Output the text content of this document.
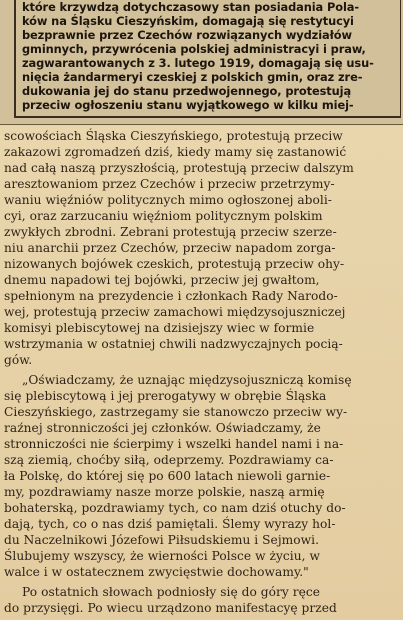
które krzywdzą dotychczasowy stan posiadania Pola-
ków na Śląsku Cieszyńskim, domagają się restytucyi
bezprawnie przez Czechów rozwiązanych wydziałów
gminnych, przywrócenia polskiej administracyi i praw,
zagwarantowanych z 3. lutego 1919, domagają się usu-
nięcia żandarmeryi czeskiej z polskich gmin, oraz zre-
dukowania jej do stanu przedwojennego, protestują
przeciw ogłoszeniu stanu wyjątkowego w kilku miej-
scowościach Śląska Cieszyńskiego, protestują przeciw
zakazowi zgromadzeń dziś, kiedy mamy się zastanowić
nad całą naszą przyszłością, protestują przeciw dalszym
aresztowaniom przez Czechów i przeciw przetrzymy-
waniu więźniów politycznych mimo ogłoszonej aboli-
cyi, oraz zarzucaniu więźniom politycznym polskim
zwykłych zbrodni. Zebrani protestują przeciw szerze-
niu anarchii przez Czechów, przeciw napadom zorga-
nizowanych bojówek czeskich, protestują przeciw ohy-
dnemu napadowi tej bojówki, przeciw jej gwałtom,
spełnionym na prezydencie i członkach Rady Narodo-
wej, protestują przeciw zamachowi międzysojuszniczej
komisyi plebiscytowej na dzisiejszy wiec w formie
wstrzymania w ostatniej chwili nadzwyczajnych pocią-
gów.
„Oświadczamy, że uznając międzysojuszniczą komisę
się plebiscytową i jej prerogatywy w obrębie Śląska
Cieszyńskiego, zastrzegamy sie stanowczo przeciw wy-
raźnej stronniczości jej członków. Oświadczamy, że
stronniczości nie ścierpimy i wszelki handel nami i na-
szą ziemią, choćby siłą, odeprzemy. Pozdrawiamy ca-
ła Polskę, do której się po 600 latach niewoli garnie-
my, pozdrawiamy nasze morze polskie, naszą armię
bohaterską, pozdrawiamy tych, co nam dziś otuchy do-
dają, tych, co o nas dziś pamiętali. Ślemy wyrazy hol-
du Naczelnikowi Józefowi Piłsudskiemu i Sejmowi.
Ślubujemy wszyscy, że wierności Polsce w życiu, w
walce i w ostatecznem zwycięstwie dochowamy."
Po ostatnich słowach podniosły się do góry ręce
do przysięgi. Po wiecu urządzono manifestacyę przed
